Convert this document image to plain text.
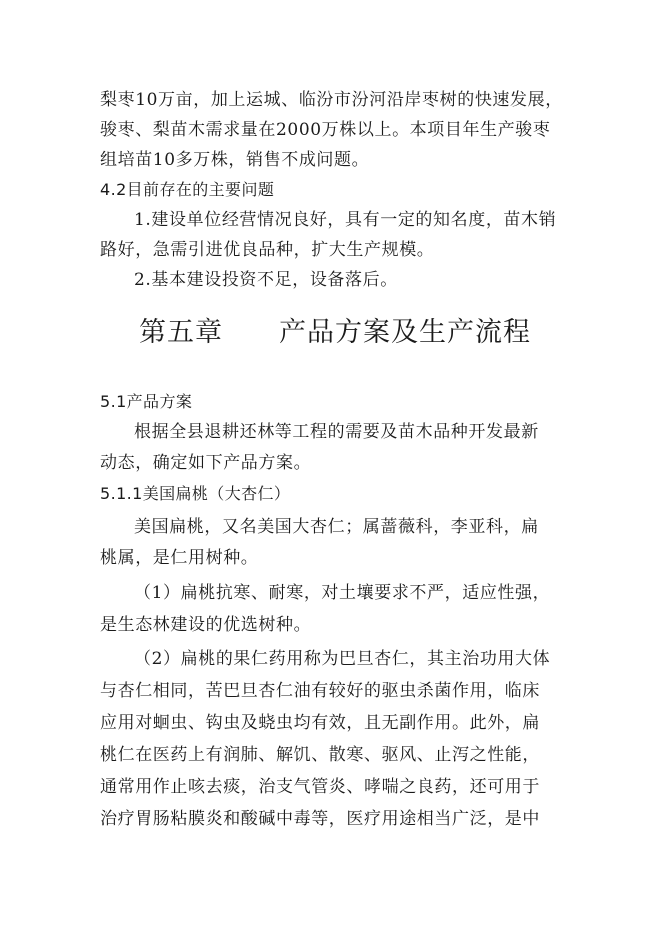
梨枣10万亩，加上运城、临汾市汾河沿岸枣树的快速发展，
骏枣、梨苗木需求量在2000万株以上。本项目年生产骏枣
组培苗10多万株，销售不成问题。
4.2目前存在的主要问题
1.建设单位经营情况良好，具有一定的知名度，苗木销
路好，急需引进优良品种，扩大生产规模。
2.基本建设投资不足，设备落后。
第五章　　产品方案及生产流程
5.1产品方案
根据全县退耕还林等工程的需要及苗木品种开发最新
动态，确定如下产品方案。
5.1.1美国扁桃（大杏仁）
美国扁桃，又名美国大杏仁；属蔷薇科，李亚科，扁
桃属，是仁用树种。
（1）扁桃抗寒、耐寒，对土壤要求不严，适应性强，
是生态林建设的优选树种。
（2）扁桃的果仁药用称为巴旦杏仁，其主治功用大体
与杏仁相同，苦巴旦杏仁油有较好的驱虫杀菌作用，临床
应用对蛔虫、钩虫及蛲虫均有效，且无副作用。此外，扁
桃仁在医药上有润肺、解饥、散寒、驱风、止泻之性能，
通常用作止咳去痰，治支气管炎、哮喘之良药，还可用于
治疗胃肠粘膜炎和酸碱中毒等，医疗用途相当广泛，是中
